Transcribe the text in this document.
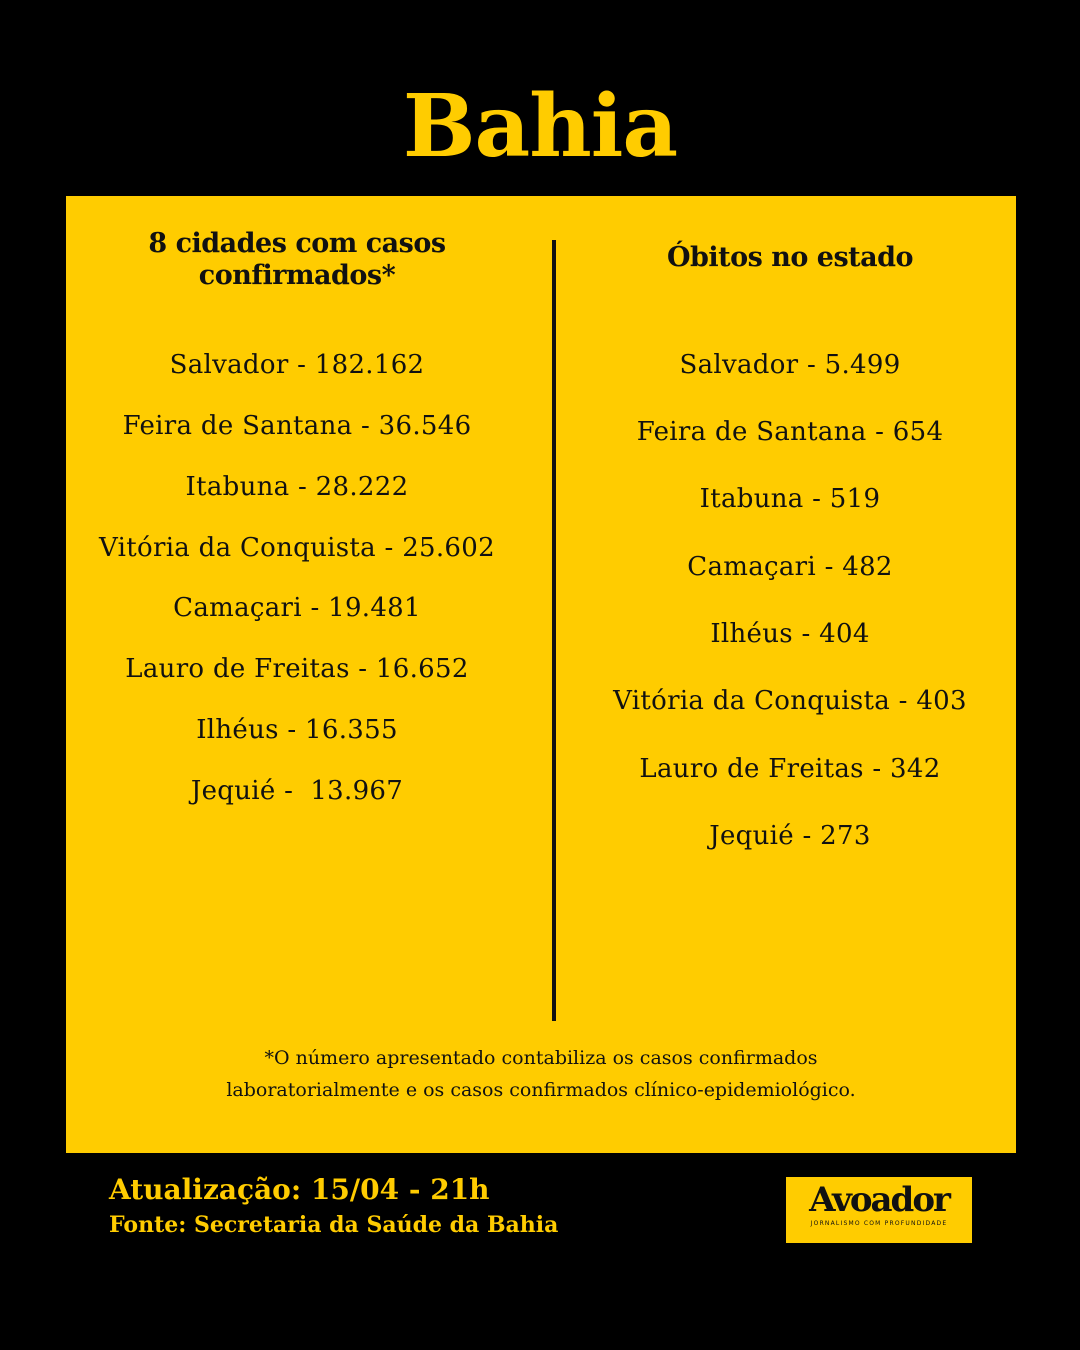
Bahia
8 cidades com casos
confirmados*
Salvador - 182.162
Feira de Santana - 36.546
Itabuna - 28.222
Vitória da Conquista - 25.602
Camaçari - 19.481
Lauro de Freitas - 16.652
Ilhéus - 16.355
Jequié -  13.967
Óbitos no estado
Salvador - 5.499
Feira de Santana - 654
Itabuna - 519
Camaçari - 482
Ilhéus - 404
Vitória da Conquista - 403
Lauro de Freitas - 342
Jequié - 273
*O número apresentado contabiliza os casos confirmados
laboratorialmente e os casos confirmados clínico-epidemiológico.
Atualização: 15/04 - 21h
Fonte: Secretaria da Saúde da Bahia
Avoador
JORNALISMO COM PROFUNDIDADE
